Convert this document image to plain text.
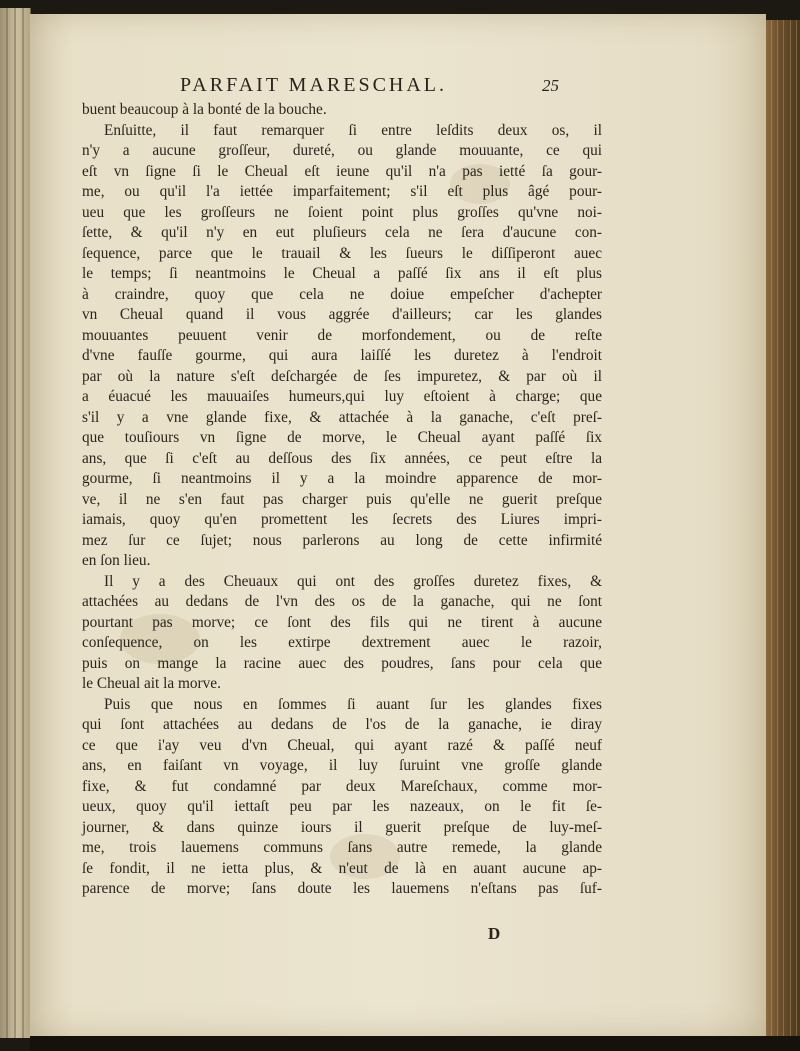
PARFAIT MARESCHAL.	25
buent beaucoup à la bonté de la bouche.
Enſuitte, il faut remarquer ſi entre leſdits deux os, il
n'y a aucune groſſeur, dureté, ou glande mouuante, ce qui
eſt vn ſigne ſi le Cheual eſt ieune qu'il n'a pas ietté ſa gour-
me, ou qu'il l'a iettée imparfaitement; s'il eſt plus âgé pour-
ueu que les groſſeurs ne ſoient point plus groſſes qu'vne noi-
ſette, & qu'il n'y en eut pluſieurs cela ne ſera d'aucune con-
ſequence, parce que le trauail & les ſueurs le diſſiperont auec
le temps; ſi neantmoins le Cheual a paſſé ſix ans il eſt plus
à craindre, quoy que cela ne doiue empeſcher d'achepter
vn Cheual quand il vous aggrée d'ailleurs; car les glandes
mouuantes peuuent venir de morfondement, ou de reſte
d'vne fauſſe gourme, qui aura laiſſé les duretez à l'endroit
par où la nature s'eſt deſchargée de ſes impuretez, & par où il
a éuacué les mauuaiſes humeurs,qui luy eſtoient à charge; que
s'il y a vne glande fixe, & attachée à la ganache, c'eſt preſ-
que touſiours vn ſigne de morve, le Cheual ayant paſſé ſix
ans, que ſi c'eſt au deſſous des ſix années, ce peut eſtre la
gourme, ſi neantmoins il y a la moindre apparence de mor-
ve, il ne s'en faut pas charger puis qu'elle ne guerit preſque
iamais, quoy qu'en promettent les ſecrets des Liures impri-
mez ſur ce ſujet; nous parlerons au long de cette infirmité
en ſon lieu.
Il y a des Cheuaux qui ont des groſſes duretez fixes, &
attachées au dedans de l'vn des os de la ganache, qui ne ſont
pourtant pas morve; ce ſont des fils qui ne tirent à aucune
conſequence, on les extirpe dextrement auec le razoir,
puis on mange la racine auec des poudres, ſans pour cela que
le Cheual ait la morve.
Puis que nous en ſommes ſi auant ſur les glandes fixes
qui ſont attachées au dedans de l'os de la ganache, ie diray
ce que i'ay veu d'vn Cheual, qui ayant razé & paſſé neuf
ans, en faiſant vn voyage, il luy ſuruint vne groſſe glande
fixe, & fut condamné par deux Mareſchaux, comme mor-
ueux, quoy qu'il iettaſt peu par les nazeaux, on le fit ſe-
journer, & dans quinze iours il guerit preſque de luy-meſ-
me, trois lauemens communs ſans autre remede, la glande
ſe fondit, il ne ietta plus, & n'eut de là en auant aucune ap-
parence de morve; ſans doute les lauemens n'eſtans pas ſuf-
D
